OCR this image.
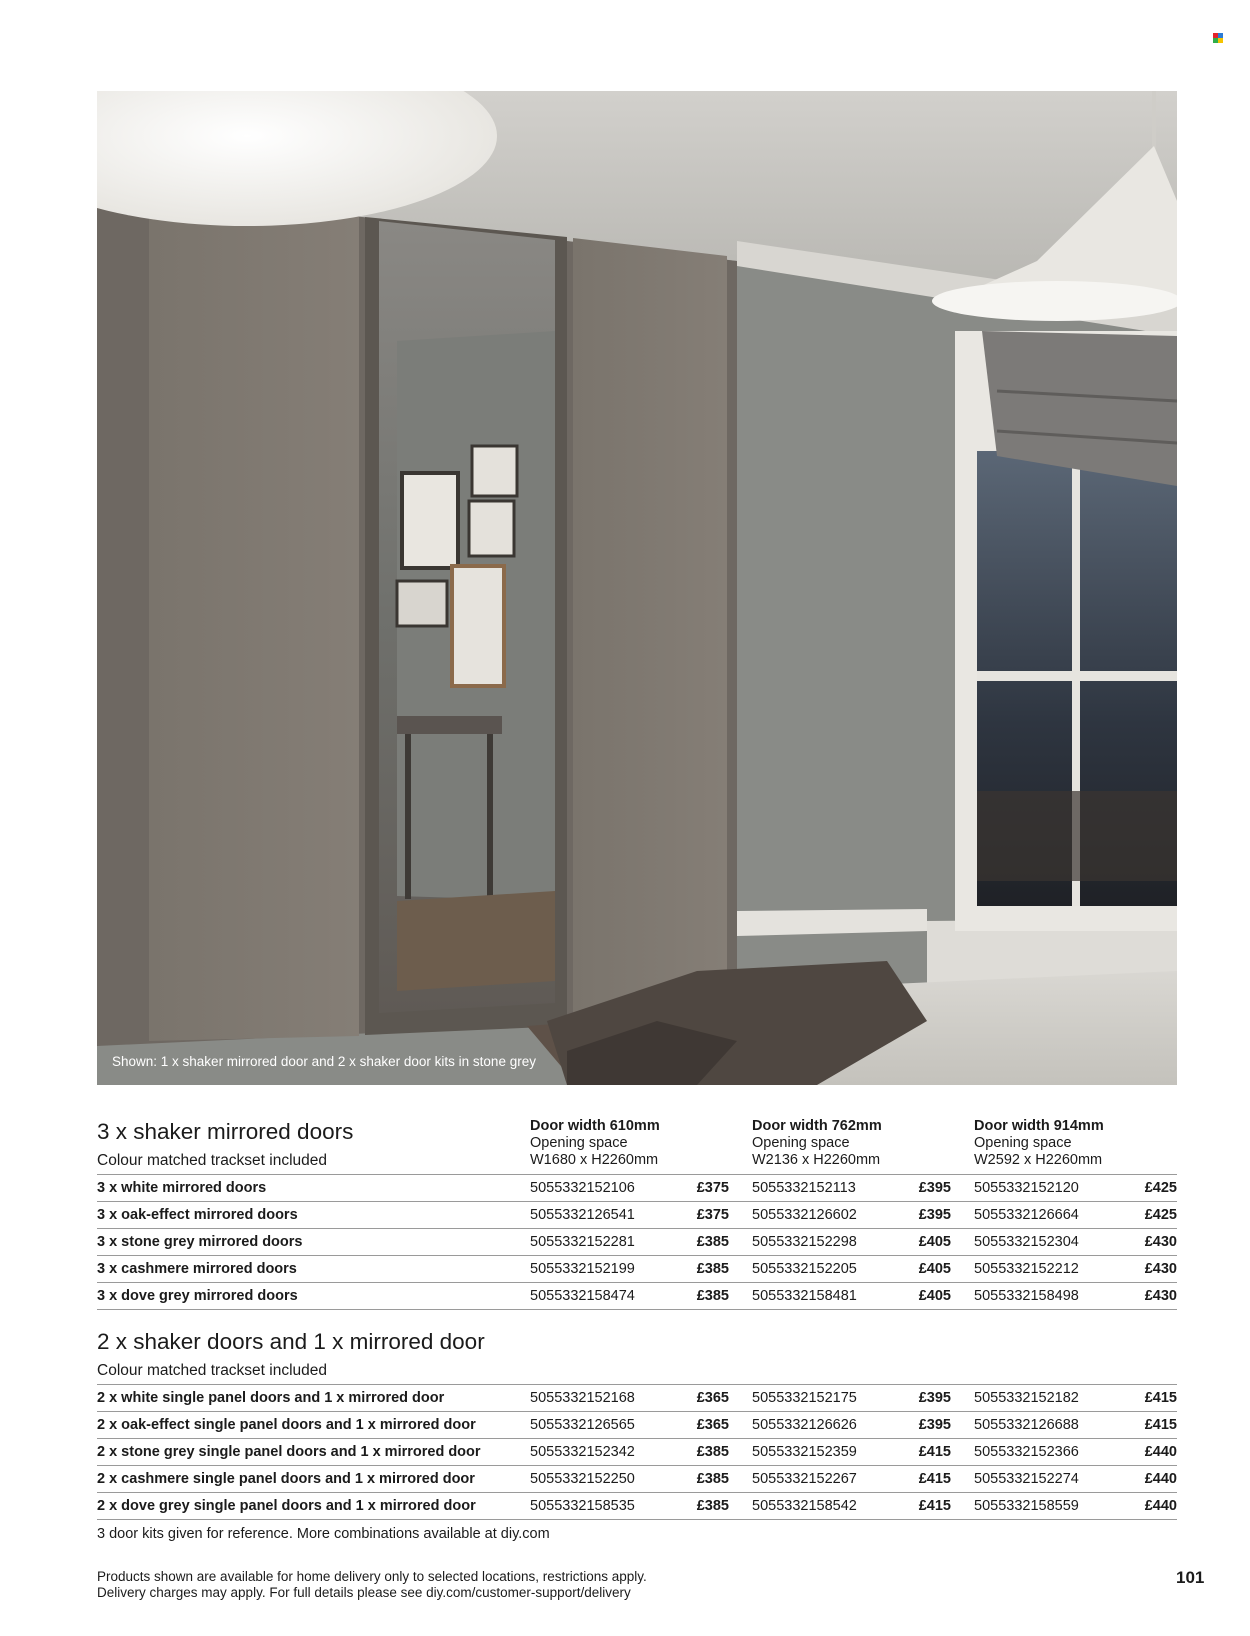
Shown: 1 x shaker mirrored door and 2 x shaker door kits in stone grey
3 x shaker mirrored doors
Colour matched trackset included
Door width 610mm
Opening space
W1680 x H2260mm
Door width 762mm
Opening space
W2136 x H2260mm
Door width 914mm
Opening space
W2592 x H2260mm
3 x white mirrored doors	5055332152106	£375 5055332152113	£395 5055332152120	£425
3 x oak-effect mirrored doors	5055332126541	£375 5055332126602	£395 5055332126664	£425
3 x stone grey mirrored doors	5055332152281	£385 5055332152298	£405 5055332152304	£430
3 x cashmere mirrored doors	5055332152199	£385 5055332152205	£405 5055332152212	£430
3 x dove grey mirrored doors	5055332158474	£385 5055332158481	£405 5055332158498	£430
2 x shaker doors and 1 x mirrored door
Colour matched trackset included
2 x white single panel doors and 1 x mirrored door	5055332152168	£365 5055332152175	£395 5055332152182	£415
2 x oak-effect single panel doors and 1 x mirrored door	5055332126565	£365 5055332126626	£395 5055332126688	£415
2 x stone grey single panel doors and 1 x mirrored door	5055332152342	£385 5055332152359	£415 5055332152366	£440
2 x cashmere single panel doors and 1 x mirrored door	5055332152250	£385 5055332152267	£415 5055332152274	£440
2 x dove grey single panel doors and 1 x mirrored door	5055332158535	£385 5055332158542	£415 5055332158559	£440
3 door kits given for reference. More combinations available at diy.com
Products shown are available for home delivery only to selected locations, restrictions apply.
Delivery charges may apply. For full details please see diy.com/customer-support/delivery
101
